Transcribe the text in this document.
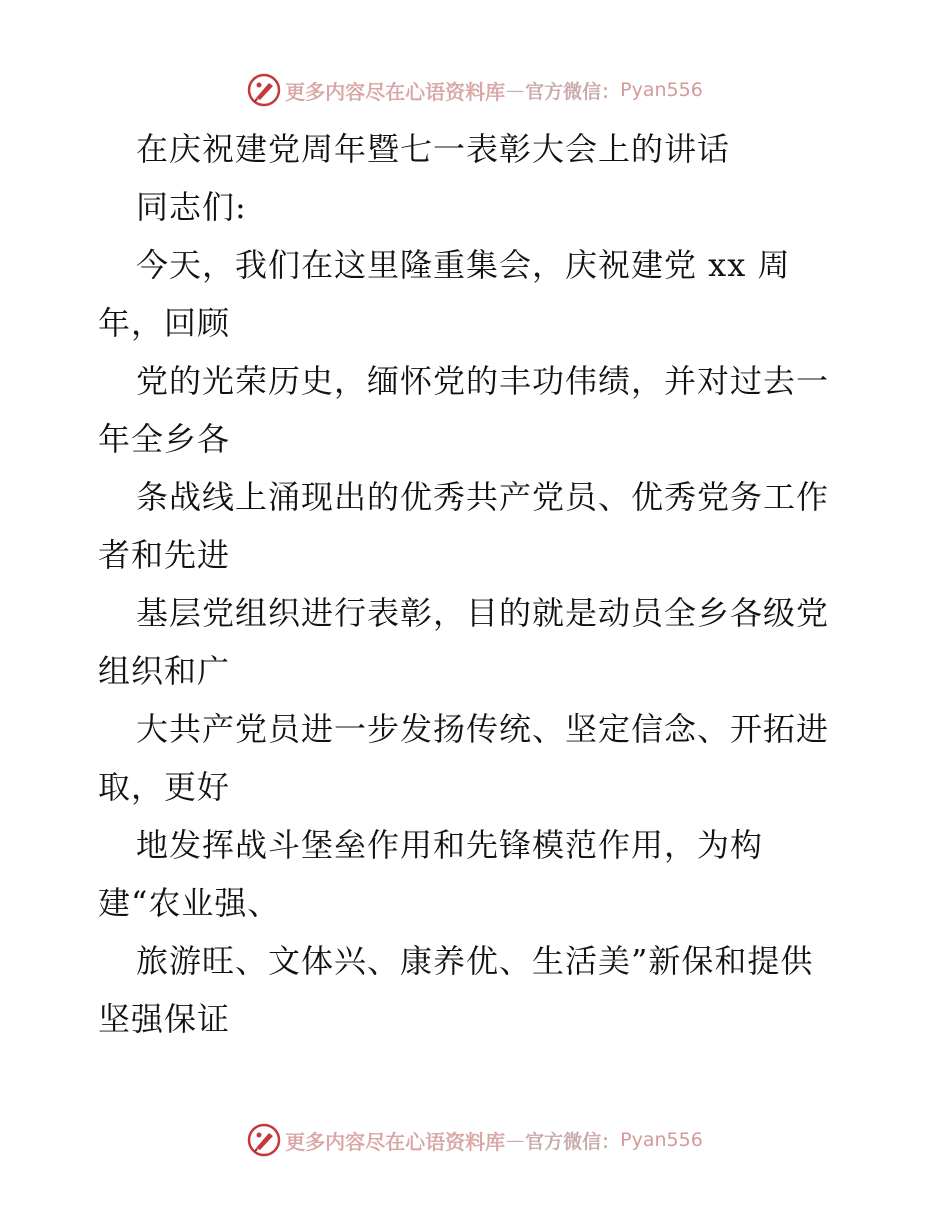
更多内容尽在心语资料库 — 官方微信： Pyan556
在庆祝建党周年暨七一表彰大会上的讲话
同志们:
今天，我们在这里隆重集会，庆祝建党 xx 周
年，回顾
党的光荣历史，缅怀党的丰功伟绩，并对过去一
年全乡各
条战线上涌现出的优秀共产党员、优秀党务工作
者和先进
基层党组织进行表彰，目的就是动员全乡各级党
组织和广
大共产党员进一步发扬传统、坚定信念、开拓进
取，更好
地发挥战斗堡垒作用和先锋模范作用，为构
建“农业强、
旅游旺、文体兴、康养优、生活美”新保和提供
坚强保证
更多内容尽在心语资料库 — 官方微信： Pyan556
